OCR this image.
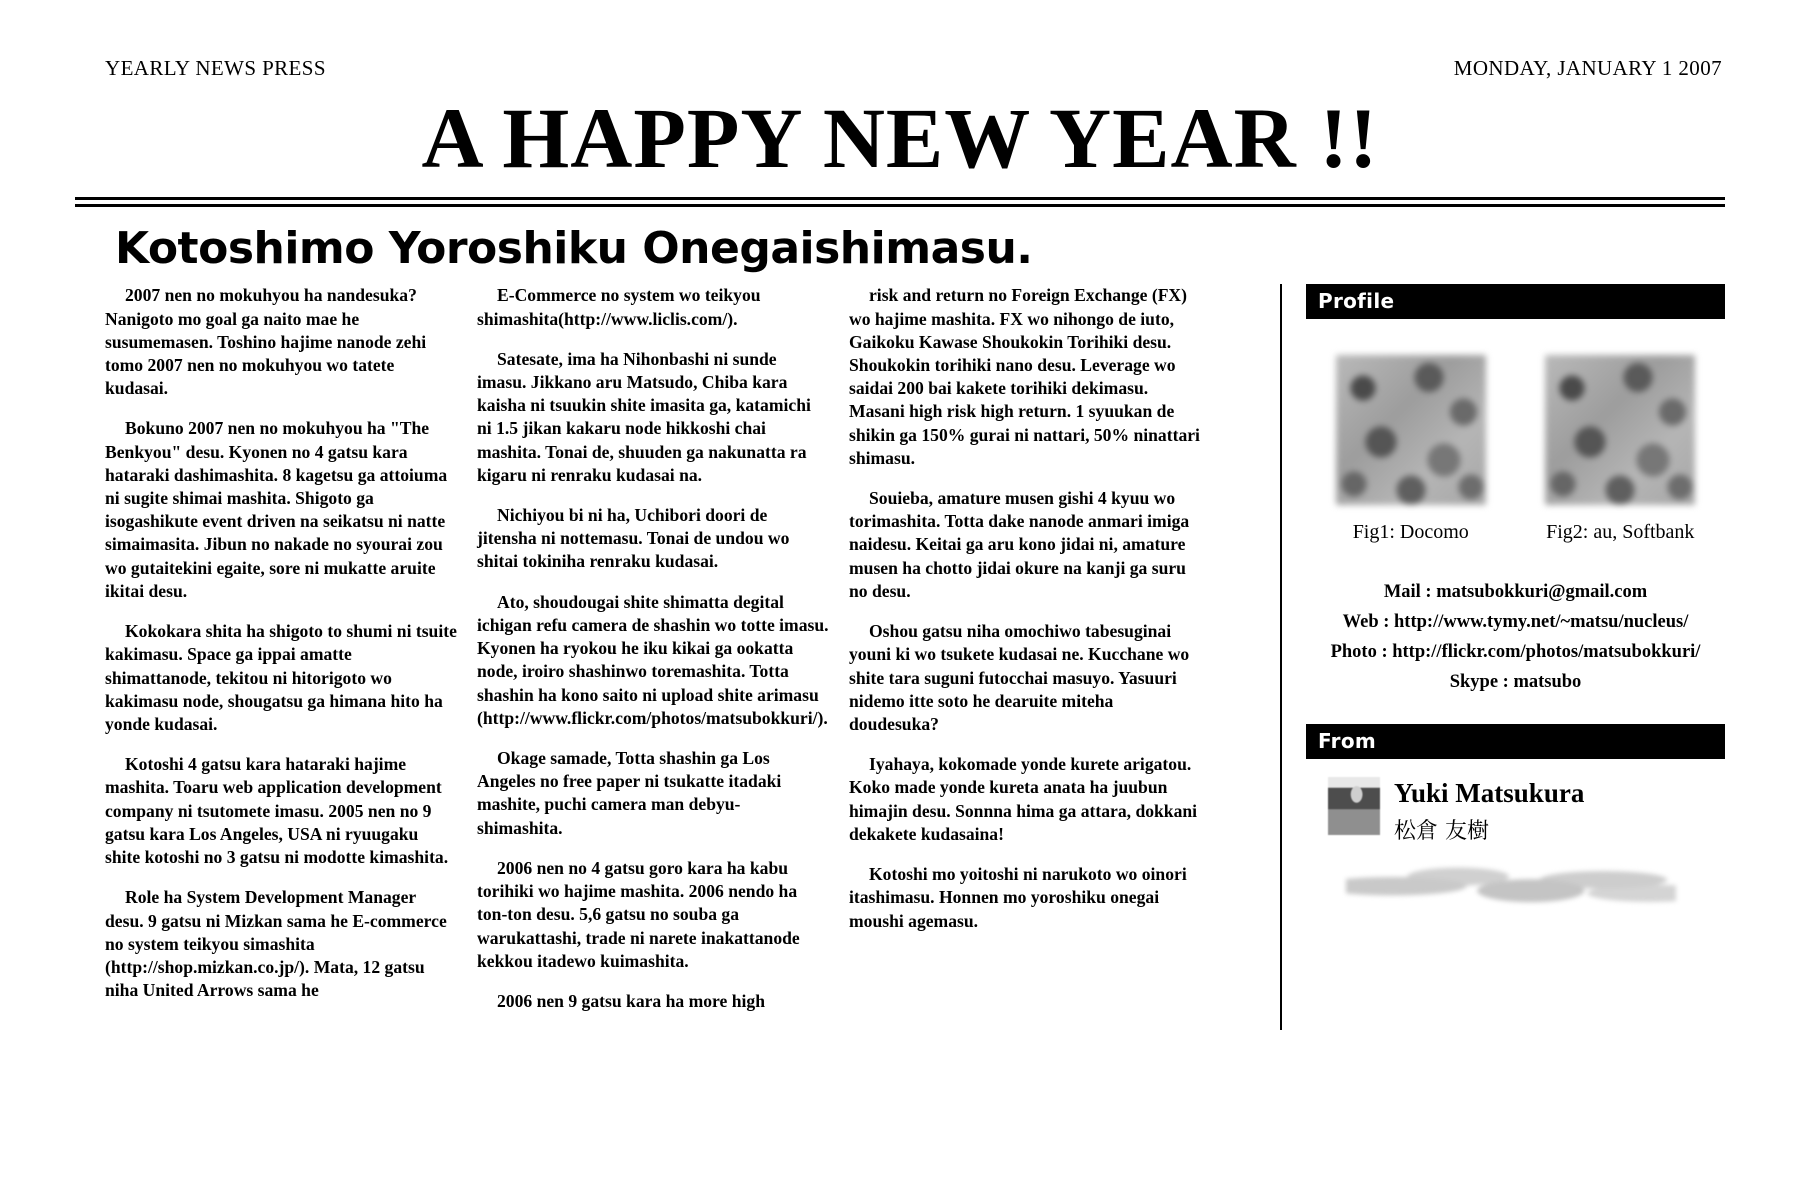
YEARLY NEWS PRESS	MONDAY, JANUARY 1 2007
A HAPPY NEW YEAR !!
Kotoshimo Yoroshiku Onegaishimasu.

2007 nen no mokuhyou ha nandesuka? Nanigoto mo goal ga naito mae he susumemasen. Toshino hajime nanode zehi tomo 2007 nen no mokuhyou wo tatete kudasai.

Bokuno 2007 nen no mokuhyou ha "The Benkyou" desu. Kyonen no 4 gatsu kara hataraki dashimashita. 8 kagetsu ga attoiuma ni sugite shimai mashita. Shigoto ga isogashikute event driven na seikatsu ni natte simaimasita. Jibun no nakade no syourai zou wo gutaitekini egaite, sore ni mukatte aruite ikitai desu.

Kokokara shita ha shigoto to shumi ni tsuite kakimasu. Space ga ippai amatte shimattanode, tekitou ni hitorigoto wo kakimasu node, shougatsu ga himana hito ha yonde kudasai.

Kotoshi 4 gatsu kara hataraki hajime mashita. Toaru web application development company ni tsutomete imasu. 2005 nen no 9 gatsu kara Los Angeles, USA ni ryuugaku shite kotoshi no 3 gatsu ni modotte kimashita.

Role ha System Development Manager desu. 9 gatsu ni Mizkan sama he E-commerce no system teikyou simashita (http://shop.mizkan.co.jp/). Mata, 12 gatsu niha United Arrows sama he

E-Commerce no system wo teikyou shimashita(http://www.liclis.com/).

Satesate, ima ha Nihonbashi ni sunde imasu. Jikkano aru Matsudo, Chiba kara kaisha ni tsuukin shite imasita ga, katamichi ni 1.5 jikan kakaru node hikkoshi chai mashita. Tonai de, shuuden ga nakunatta ra kigaru ni renraku kudasai na.

Nichiyou bi ni ha, Uchibori doori de jitensha ni nottemasu. Tonai de undou wo shitai tokiniha renraku kudasai.

Ato, shoudougai shite shimatta degital ichigan refu camera de shashin wo totte imasu. Kyonen ha ryokou he iku kikai ga ookatta node, iroiro shashinwo toremashita. Totta shashin ha kono saito ni upload shite arimasu (http://www.flickr.com/photos/matsubokkuri/).

Okage samade, Totta shashin ga Los Angeles no free paper ni tsukatte itadaki mashite, puchi camera man debyu- shimashita.

2006 nen no 4 gatsu goro kara ha kabu torihiki wo hajime mashita. 2006 nendo ha ton-ton desu. 5,6 gatsu no souba ga warukattashi, trade ni narete inakattanode kekkou itadewo kuimashita.

2006 nen 9 gatsu kara ha more high

risk and return no Foreign Exchange (FX) wo hajime mashita. FX wo nihongo de iuto, Gaikoku Kawase Shoukokin Torihiki desu. Shoukokin torihiki nano desu. Leverage wo saidai 200 bai kakete torihiki dekimasu. Masani high risk high return. 1 syuukan de shikin ga 150% gurai ni nattari, 50% ninattari shimasu.

Souieba, amature musen gishi 4 kyuu wo torimashita. Totta dake nanode anmari imiga naidesu. Keitai ga aru kono jidai ni, amature musen ha chotto jidai okure na kanji ga suru no desu.

Oshou gatsu niha omochiwo tabesuginai youni ki wo tsukete kudasai ne. Kucchane wo shite tara suguni futocchai masuyo. Yasuuri nidemo itte soto he dearuite miteha doudesuka?

Iyahaya, kokomade yonde kurete arigatou. Koko made yonde kureta anata ha juubun himajin desu. Sonnna hima ga attara, dokkani dekakete kudasaina!

Kotoshi mo yoitoshi ni narukoto wo oinori itashimasu. Honnen mo yoroshiku onegai moushi agemasu.

Profile
Fig1: Docomo	Fig2: au, Softbank
Mail : matsubokkuri@gmail.com
Web : http://www.tymy.net/~matsu/nucleus/
Photo : http://flickr.com/photos/matsubokkuri/
Skype : matsubo
From
Yuki Matsukura
松倉 友樹
